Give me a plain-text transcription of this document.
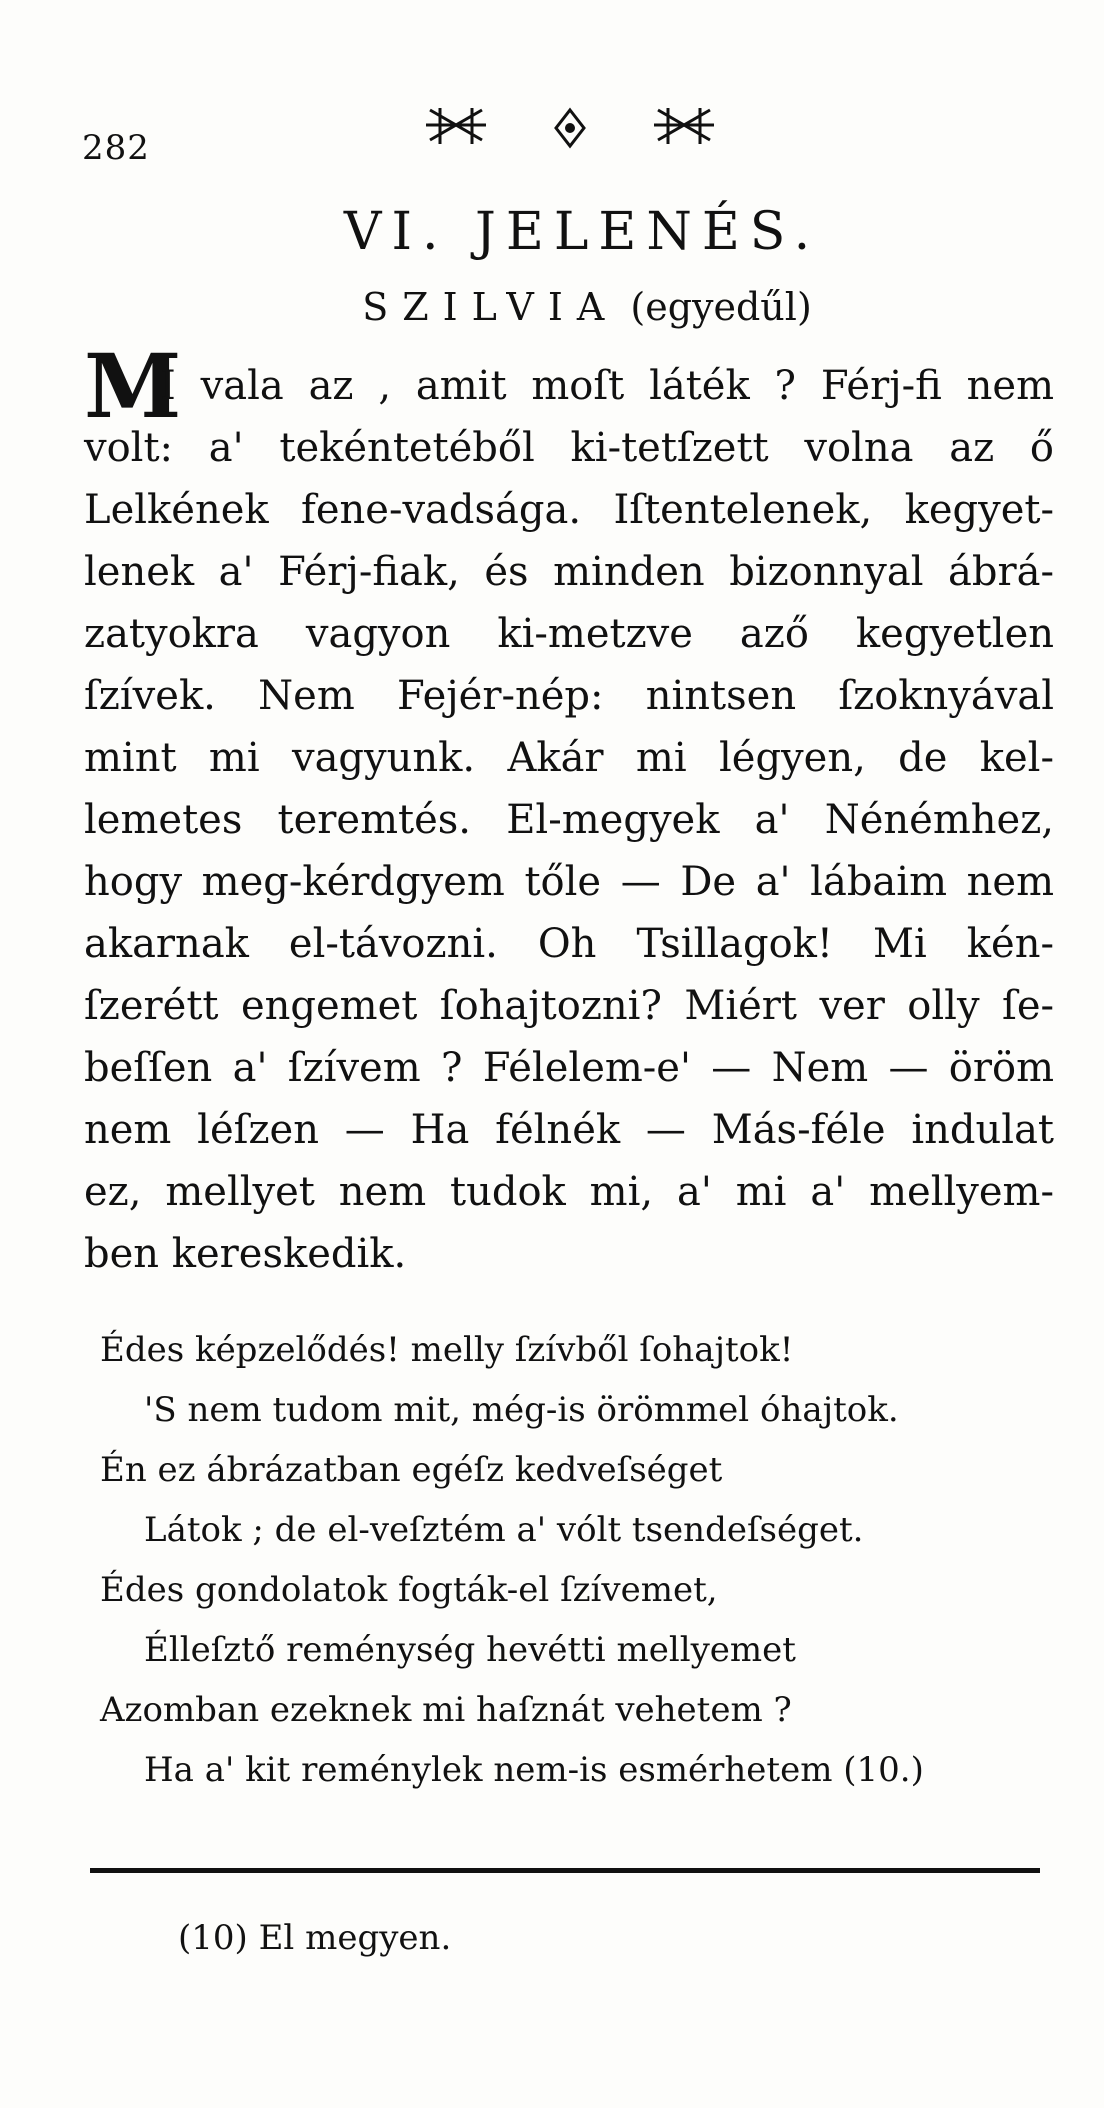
282
VI. JELENÉS.
SZILVIA (egyedűl)
M
I vala az , amit moſt láték ? Férj-fi nem
volt: a' tekéntetéből ki-tetſzett volna az ő
Lelkének fene-vadsága. Iſtentelenek, kegyet-
lenek a' Férj-fiak, és minden bizonnyal ábrá-
zatyokra vagyon ki-metzve aző kegyetlen
ſzívek. Nem Fejér-nép: nintsen ſzoknyával
mint mi vagyunk. Akár mi légyen, de kel-
lemetes teremtés. El-megyek a' Nénémhez,
hogy meg-kérdgyem tőle — De a' lábaim nem
akarnak el-távozni. Oh Tsillagok! Mi kén-
ſzerétt engemet ſohajtozni? Miért ver olly ſe-
beſſen a' ſzívem ? Félelem-e' — Nem — öröm
nem léſzen — Ha félnék — Más-féle indulat
ez, mellyet nem tudok mi, a' mi a' mellyem-
ben kereskedik.
Édes képzelődés! melly ſzívből ſohajtok!
'S nem tudom mit, még-is örömmel óhajtok.
Én ez ábrázatban egéſz kedveſséget
Látok ; de el-veſztém a' vólt tsendeſséget.
Édes gondolatok fogták-el ſzívemet,
Élleſztő reménység hevétti mellyemet
Azomban ezeknek mi haſznát vehetem ?
Ha a' kit reménylek nem-is esmérhetem (10.)
(10) El megyen.
